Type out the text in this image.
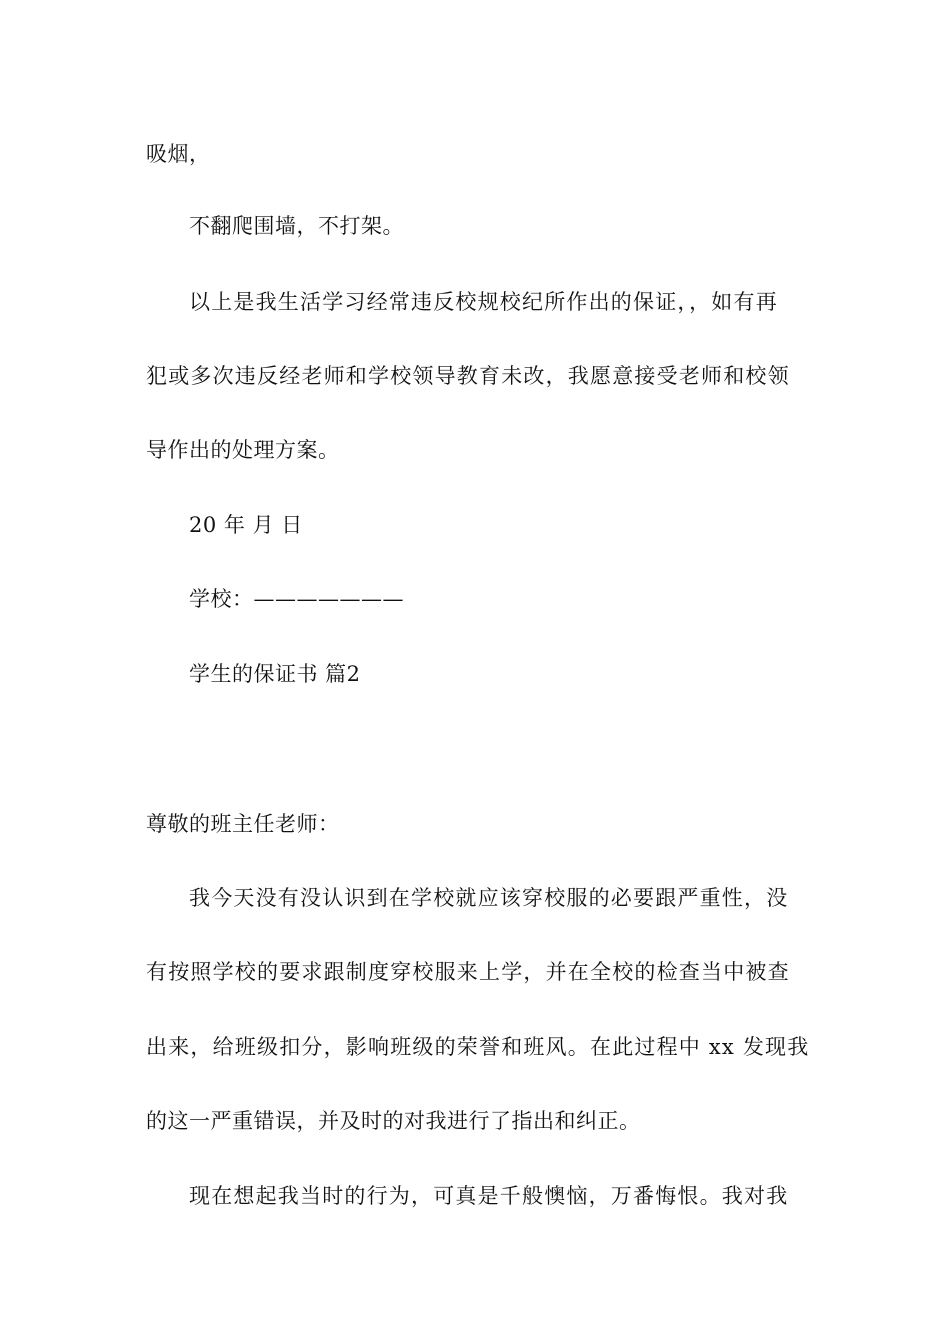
吸烟，
不翻爬围墙，不打架。
以上是我生活学习经常违反校规校纪所作出的保证，，如有再
犯或多次违反经老师和学校领导教育未改，我愿意接受老师和校领
导作出的处理方案。
20 年 月 日
学校：———————
学生的保证书 篇2
尊敬的班主任老师：
我今天没有没认识到在学校就应该穿校服的必要跟严重性，没
有按照学校的要求跟制度穿校服来上学，并在全校的检查当中被查
出来，给班级扣分，影响班级的荣誉和班风。在此过程中 xx 发现我
的这一严重错误，并及时的对我进行了指出和纠正。
现在想起我当时的行为，可真是千般懊恼，万番悔恨。我对我
